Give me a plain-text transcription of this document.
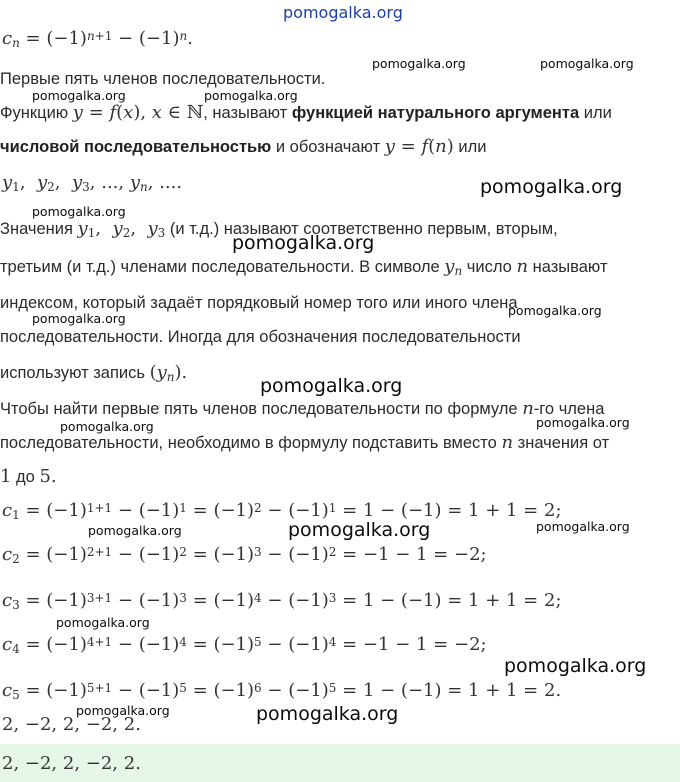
pomogalka.org
pomogalka.org	pomogalka.org
pomogalka.org	pomogalka.org
pomogalka.org
pomogalka.org
pomogalka.org
pomogalka.org
pomogalka.org
pomogalka.org
pomogalka.org
pomogalka.org
pomogalka.org
pomogalka.org	pomogalka.org
pomogalka.org
pomogalka.org
pomogalka.org	pomogalka.org
$c_n = (-1)^{n+1} - (-1)^n$.
Первые пять членов последовательности.
Функцию y = f(x), x ∈ ℕ, называют функцией натурального аргумента или
числовой последовательностью и обозначают y = f(n) или
$y_1$,  $y_2$,  $y_3$, ..., $y_n$, ....
Значения $y_1$,  $y_2$,  $y_3$ (и т.д.) называют соответственно первым, вторым,
третьим (и т.д.) членами последовательности. В символе $y_n$ число n называют
индексом, который задаёт порядковый номер того или иного члена
последовательности. Иногда для обозначения последовательности
используют запись $(y_n)$.
Чтобы найти первые пять членов последовательности по формуле n-го члена
последовательности, необходимо в формулу подставить вместо n значения от
1 до 5.
$c_1 = (-1)^{1+1} - (-1)^1 = (-1)^2 - (-1)^1 = 1 - (-1) = 1 + 1 = 2$;
$c_2 = (-1)^{2+1} - (-1)^2 = (-1)^3 - (-1)^2 = -1 - 1 = -2$;
$c_3 = (-1)^{3+1} - (-1)^3 = (-1)^4 - (-1)^3 = 1 - (-1) = 1 + 1 = 2$;
$c_4 = (-1)^{4+1} - (-1)^4 = (-1)^5 - (-1)^4 = -1 - 1 = -2$;
$c_5 = (-1)^{5+1} - (-1)^5 = (-1)^6 - (-1)^5 = 1 - (-1) = 1 + 1 = 2$.
2, −2, 2, −2, 2.
2, −2, 2, −2, 2.
